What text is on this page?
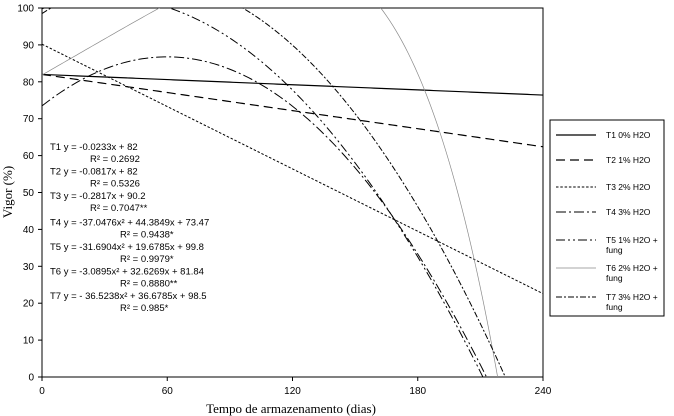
0
10
20
30
40
50
60
70
80
90
100
0	60	120	180	240
T1 y = -0.0233x + 82
R² = 0.2692
T2 y = -0.0817x + 82
R² = 0.5326
T3 y = -0.2817x + 90.2
R² = 0.7047**
T4 y = -37.0476x² + 44.3849x + 73.47
R² = 0.9438*
T5 y = -31.6904x² + 19.6785x + 99.8
R² = 0.9979*
T6 y = -3.0895x² + 32.6269x + 81.84
R² = 0.8880**
T7 y = - 36.5238x² + 36.6785x + 98.5
R² = 0.985*
T1 0% H2O
T2 1% H2O
T3 2% H2O
T4 3% H2O
T5 1% H2O +
fung
T6 2% H2O +
fung
T7 3% H2O +
fung
Tempo de armazenamento (dias)
Vigor (%)
